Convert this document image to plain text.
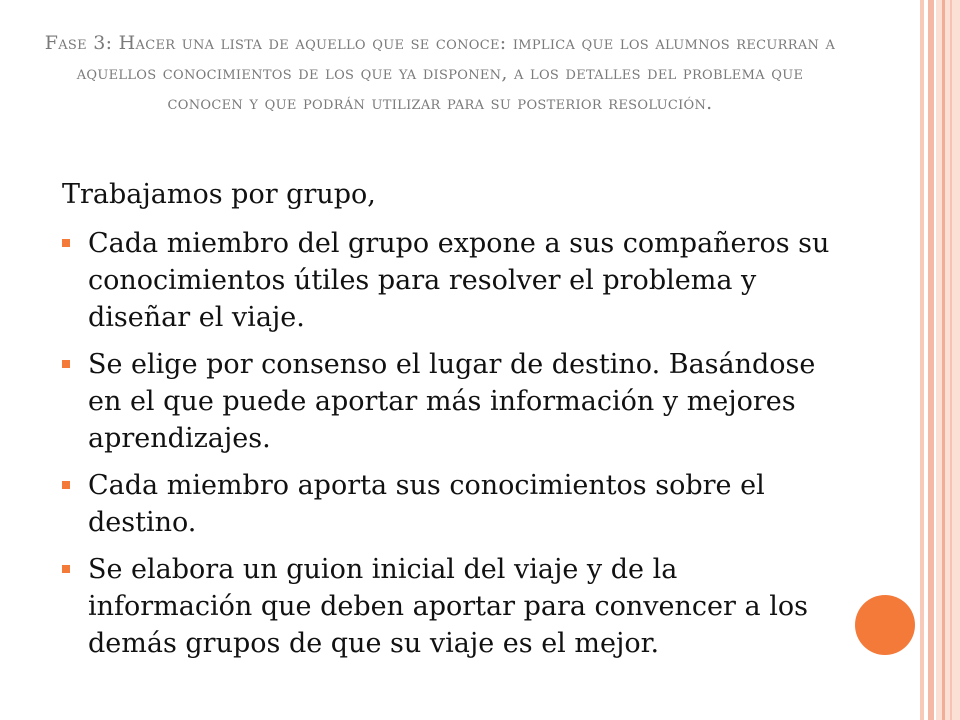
Fase 3: Hacer una lista de aquello que se conoce: implica que los alumnos recurran a aquellos conocimientos de los que ya disponen, a los detalles del problema que conocen y que podrán utilizar para su posterior resolución.

Trabajamos por grupo,

Cada miembro del grupo expone a sus compañeros su conocimientos útiles para resolver el problema y diseñar el viaje.
Se elige por consenso el lugar de destino. Basándose en el que puede aportar más información y mejores aprendizajes.
Cada miembro aporta sus conocimientos sobre el destino.
Se elabora un guion inicial del viaje y de la información que deben aportar para convencer a los demás grupos de que su viaje es el mejor.
